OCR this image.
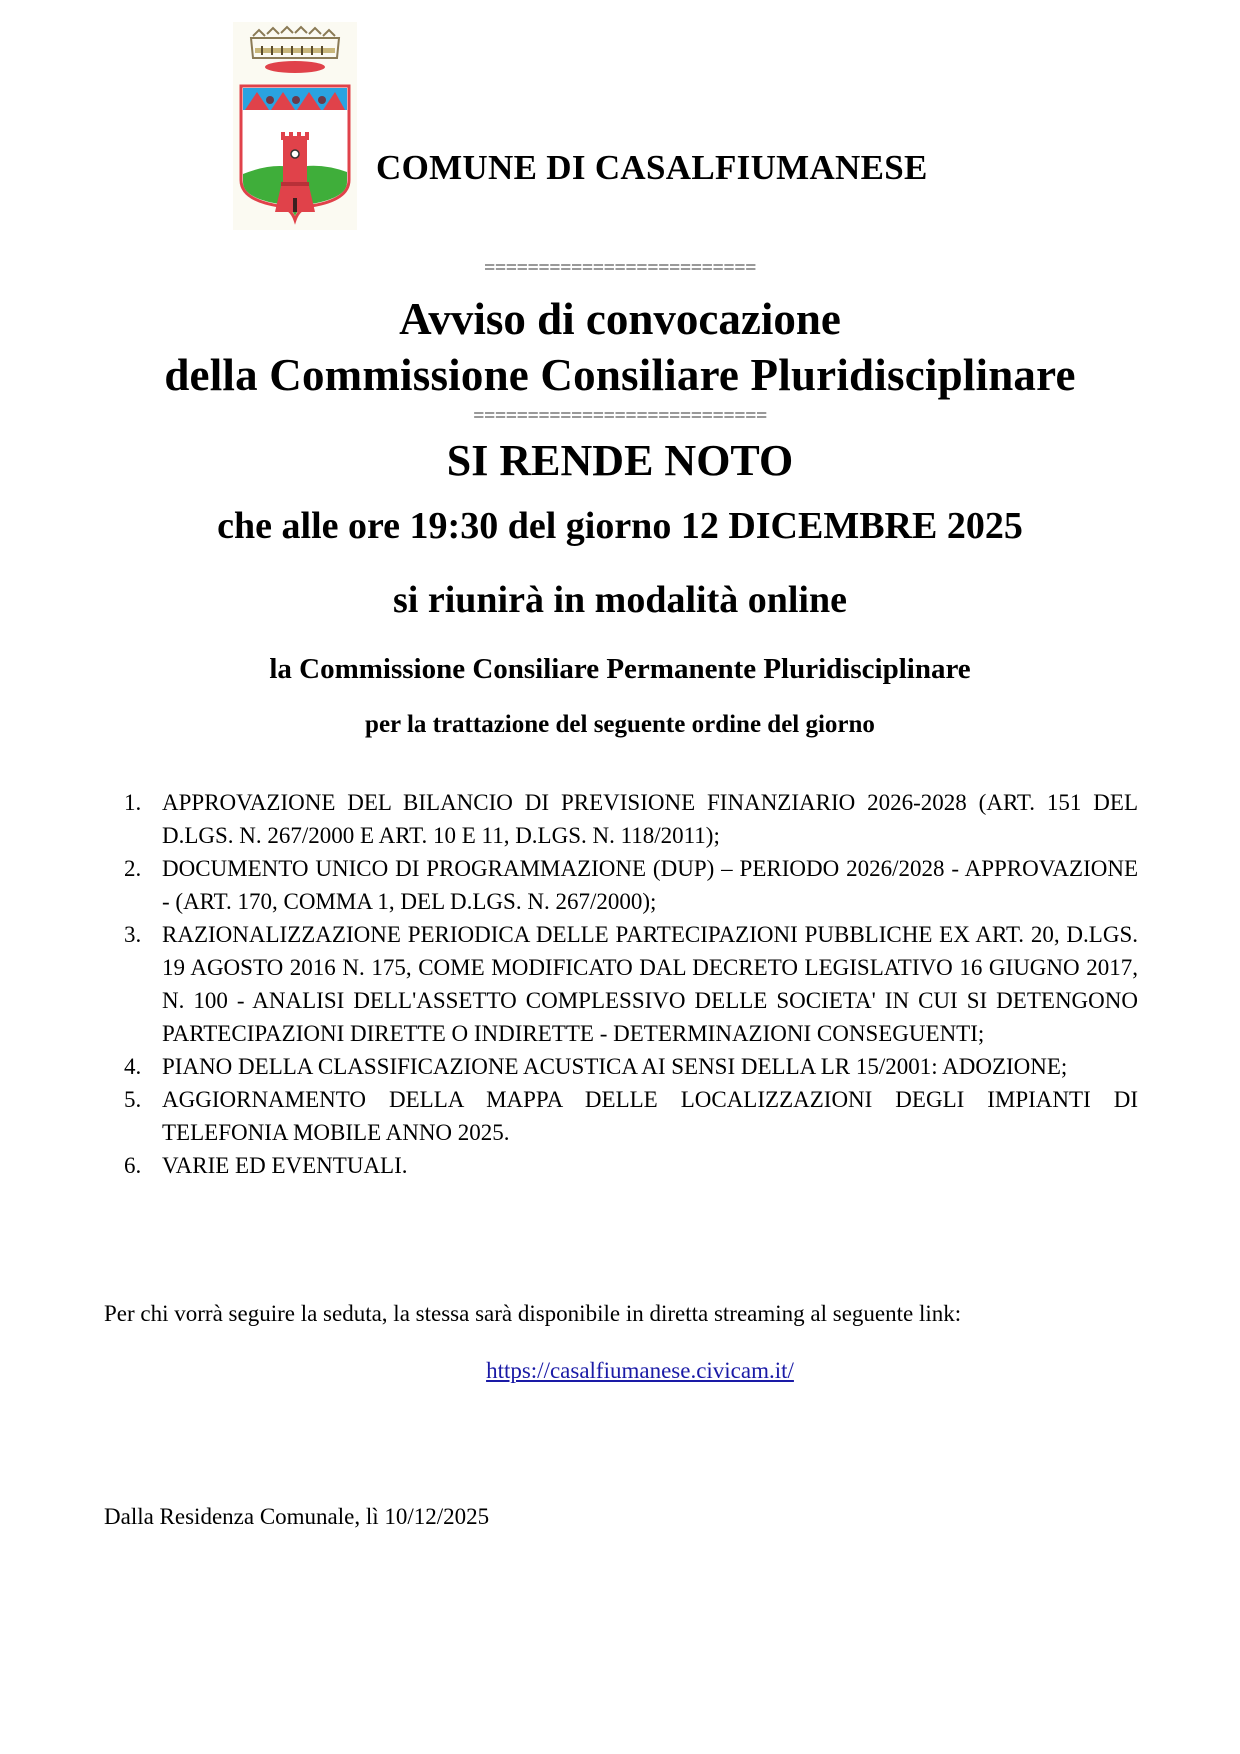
COMUNE DI CASALFIUMANESE
=========================
Avviso di convocazione
della Commissione Consiliare Pluridisciplinare
===========================
SI RENDE NOTO
che alle ore 19:30 del giorno 12 DICEMBRE 2025
si riunirà in modalità online
la Commissione Consiliare Permanente Pluridisciplinare
per la trattazione del seguente ordine del giorno
1. APPROVAZIONE DEL BILANCIO DI PREVISIONE FINANZIARIO 2026-2028 (ART. 151 DEL D.LGS. N. 267/2000 E ART. 10 E 11, D.LGS. N. 118/2011);
2. DOCUMENTO UNICO DI PROGRAMMAZIONE (DUP) – PERIODO 2026/2028 - APPROVAZIONE - (ART. 170, COMMA 1, DEL D.LGS. N. 267/2000);
3. RAZIONALIZZAZIONE PERIODICA DELLE PARTECIPAZIONI PUBBLICHE EX ART. 20, D.LGS. 19 AGOSTO 2016 N. 175, COME MODIFICATO DAL DECRETO LEGISLATIVO 16 GIUGNO 2017, N. 100 - ANALISI DELL'ASSETTO COMPLESSIVO DELLE SOCIETA' IN CUI SI DETENGONO PARTECIPAZIONI DIRETTE O INDIRETTE - DETERMINAZIONI CONSEGUENTI;
4. PIANO DELLA CLASSIFICAZIONE ACUSTICA AI SENSI DELLA LR 15/2001: ADOZIONE;
5. AGGIORNAMENTO DELLA MAPPA DELLE LOCALIZZAZIONI DEGLI IMPIANTI DI TELEFONIA MOBILE ANNO 2025.
6. VARIE ED EVENTUALI.
Per chi vorrà seguire la seduta, la stessa sarà disponibile in diretta streaming al seguente link:
https://casalfiumanese.civicam.it/
Dalla Residenza Comunale, lì 10/12/2025
